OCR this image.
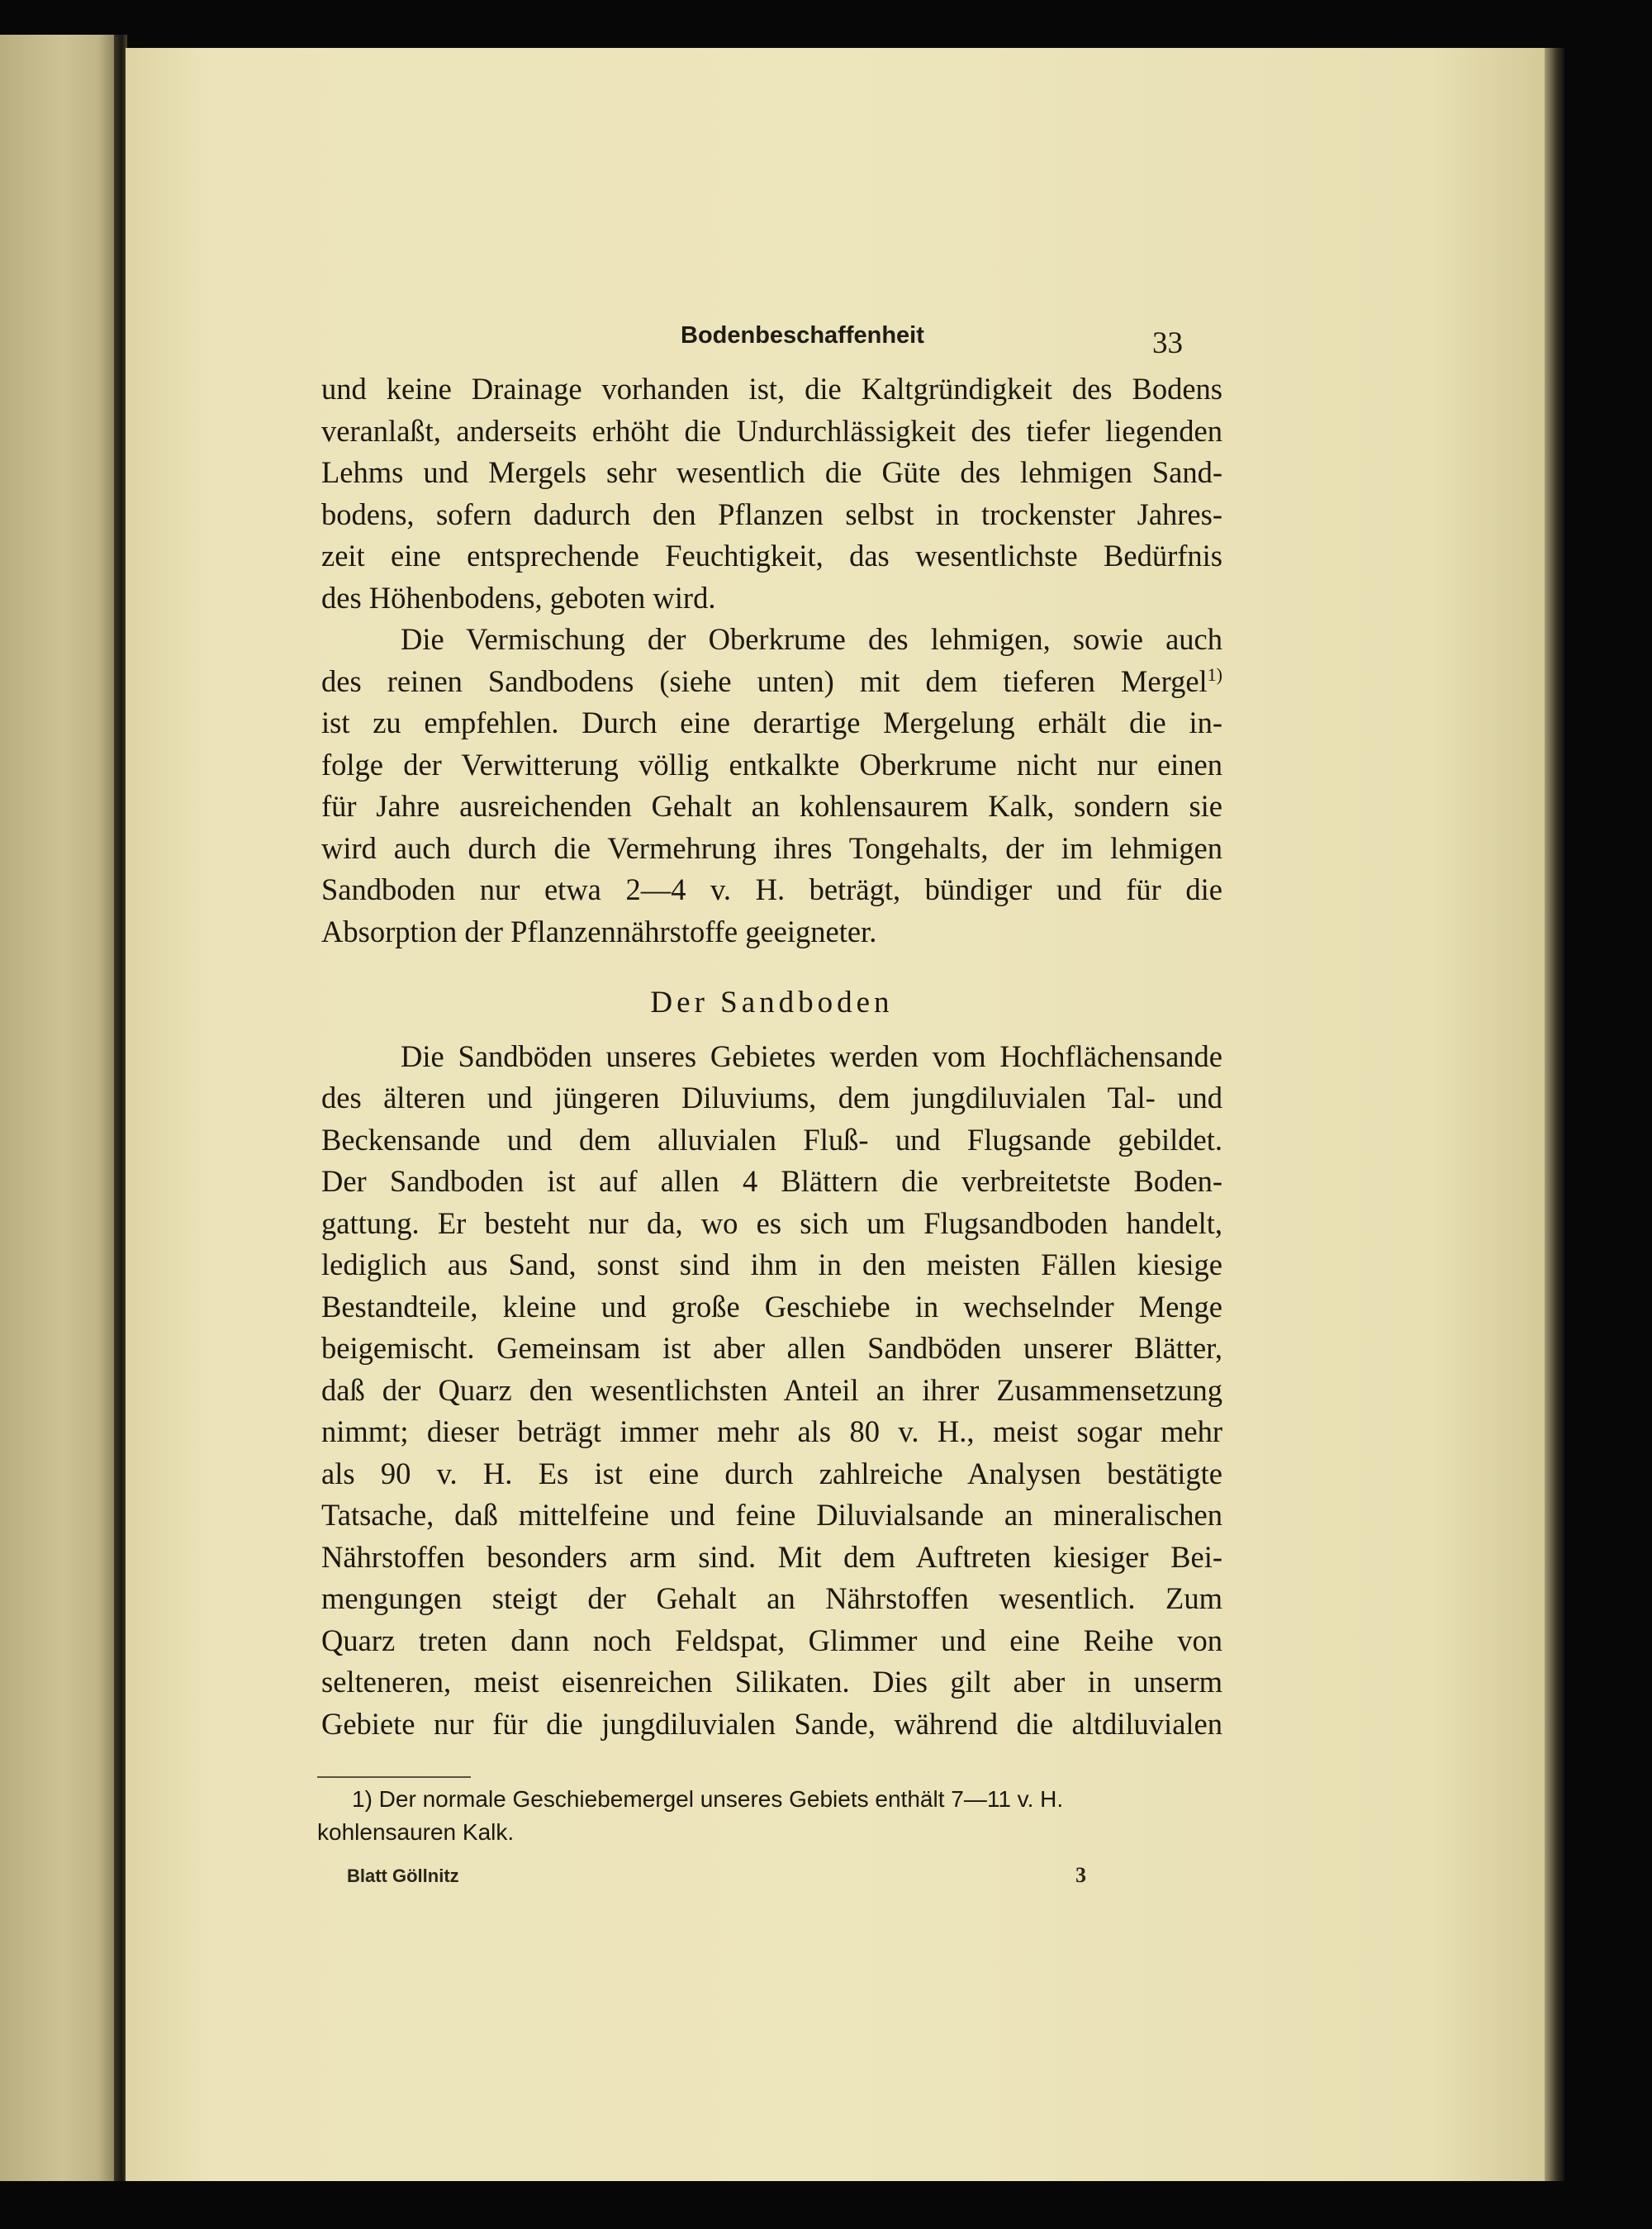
Bodenbeschaffenheit	33

und keine Drainage vorhanden ist, die Kaltgründigkeit des Bodens

veranlaßt, anderseits erhöht die Undurchlässigkeit des tiefer liegenden

Lehms und Mergels sehr wesentlich die Güte des lehmigen Sand-

bodens, sofern dadurch den Pflanzen selbst in trockenster Jahres-

zeit eine entsprechende Feuchtigkeit, das wesentlichste Bedürfnis

des Höhenbodens, geboten wird.

Die Vermischung der Oberkrume des lehmigen, sowie auch

des reinen Sandbodens (siehe unten) mit dem tieferen Mergel$^{1)}$

ist zu empfehlen. Durch eine derartige Mergelung erhält die in-

folge der Verwitterung völlig entkalkte Oberkrume nicht nur einen

für Jahre ausreichenden Gehalt an kohlensaurem Kalk, sondern sie

wird auch durch die Vermehrung ihres Tongehalts, der im lehmigen

Sandboden nur etwa 2—4 v. H. beträgt, bündiger und für die

Absorption der Pflanzennährstoffe geeigneter.

Der Sandboden

Die Sandböden unseres Gebietes werden vom Hochflächensande

des älteren und jüngeren Diluviums, dem jungdiluvialen Tal- und

Beckensande und dem alluvialen Fluß- und Flugsande gebildet.

Der Sandboden ist auf allen 4 Blättern die verbreitetste Boden-

gattung. Er besteht nur da, wo es sich um Flugsandboden handelt,

lediglich aus Sand, sonst sind ihm in den meisten Fällen kiesige

Bestandteile, kleine und große Geschiebe in wechselnder Menge

beigemischt. Gemeinsam ist aber allen Sandböden unserer Blätter,

daß der Quarz den wesentlichsten Anteil an ihrer Zusammensetzung

nimmt; dieser beträgt immer mehr als 80 v. H., meist sogar mehr

als 90 v. H. Es ist eine durch zahlreiche Analysen bestätigte

Tatsache, daß mittelfeine und feine Diluvialsande an mineralischen

Nährstoffen besonders arm sind. Mit dem Auftreten kiesiger Bei-

mengungen steigt der Gehalt an Nährstoffen wesentlich. Zum

Quarz treten dann noch Feldspat, Glimmer und eine Reihe von

selteneren, meist eisenreichen Silikaten. Dies gilt aber in unserm

Gebiete nur für die jungdiluvialen Sande, während die altdiluvialen

1) Der normale Geschiebemergel unseres Gebiets enthält 7—11 v. H.

kohlensauren Kalk.

Blatt Göllnitz	3
